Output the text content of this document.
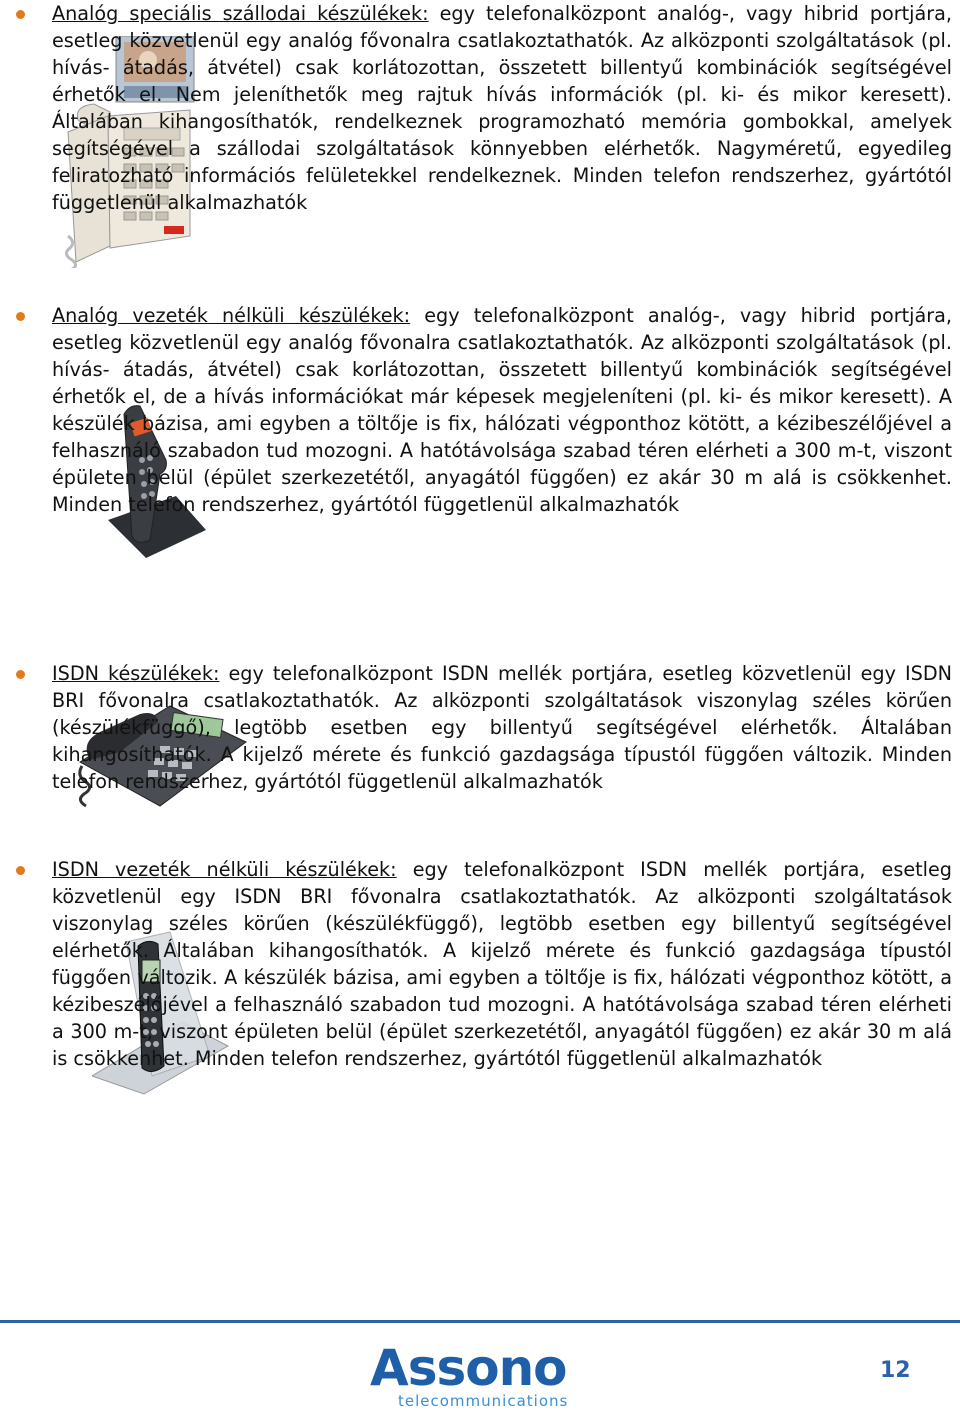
Analóg speciális szállodai készülékek: egy telefonalközpont analóg-, vagy hibrid portjára, esetleg közvetlenül egy analóg fővonalra csatlakoztathatók. Az alközponti szolgáltatások (pl. hívás- átadás, átvétel) csak korlátozottan, összetett billentyű kombinációk segítségével érhetők el. Nem jeleníthetők meg rajtuk hívás információk (pl. ki- és mikor keresett). Általában kihangosíthatók, rendelkeznek programozható memória gombokkal, amelyek segítségével a szállodai szolgáltatások könnyebben elérhetők. Nagyméretű, egyedileg feliratozható információs felületekkel rendelkeznek. Minden telefon rendszerhez, gyártótól függetlenül alkalmazhatók
Analóg vezeték nélküli készülékek: egy telefonalközpont analóg-, vagy hibrid portjára, esetleg közvetlenül egy analóg fővonalra csatlakoztathatók. Az alközponti szolgáltatások (pl. hívás- átadás, átvétel) csak korlátozottan, összetett billentyű kombinációk segítségével érhetők el, de a hívás információkat már képesek megjeleníteni (pl. ki- és mikor keresett). A készülék bázisa, ami egyben a töltője is fix, hálózati végponthoz kötött, a kézibeszélőjével a felhasználó szabadon tud mozogni. A hatótávolsága szabad téren elérheti a 300 m-t, viszont épületen belül (épület szerkezetétől, anyagától függően) ez akár 30 m alá is csökkenhet. Minden telefon rendszerhez, gyártótól függetlenül alkalmazhatók
ISDN készülékek: egy telefonalközpont ISDN mellék portjára, esetleg közvetlenül egy ISDN BRI fővonalra csatlakoztathatók. Az alközponti szolgáltatások viszonylag széles körűen (készülékfüggő), legtöbb esetben egy billentyű segítségével elérhetők. Általában kihangosíthatók. A kijelző mérete és funkció gazdagsága típustól függően változik. Minden telefon rendszerhez, gyártótól függetlenül alkalmazhatók
ISDN vezeték nélküli készülékek: egy telefonalközpont ISDN mellék portjára, esetleg közvetlenül egy ISDN BRI fővonalra csatlakoztathatók. Az alközponti szolgáltatások viszonylag széles körűen (készülékfüggő), legtöbb esetben egy billentyű segítségével elérhetők. Általában kihangosíthatók. A kijelző mérete és funkció gazdagsága típustól függően változik. A készülék bázisa, ami egyben a töltője is fix, hálózati végponthoz kötött, a kézibeszélőjével a felhasználó szabadon tud mozogni. A hatótávolsága szabad téren elérheti a 300 m-t, viszont épületen belül (épület szerkezetétől, anyagától függően) ez akár 30 m alá is csökkenhet. Minden telefon rendszerhez, gyártótól függetlenül alkalmazhatók
Assono
telecommunications
12
